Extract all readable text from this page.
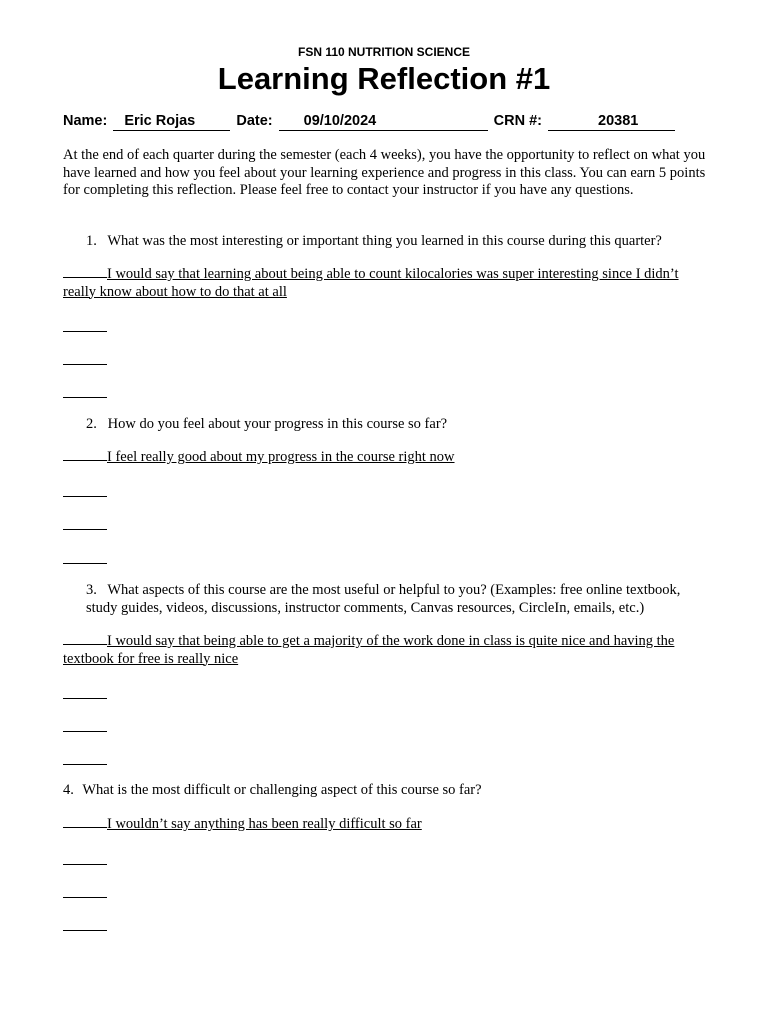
FSN 110 NUTRITION SCIENCE
Learning Reflection #1
Name: Eric Rojas	Date: 09/10/2024	CRN #:	20381
At the end of each quarter during the semester (each 4 weeks), you have the opportunity to reflect on what you have learned and how you feel about your learning experience and progress in this class. You can earn 5 points for completing this reflection. Please feel free to contact your instructor if you have any questions.
1. What was the most interesting or important thing you learned in this course during this quarter?
I would say that learning about being able to count kilocalories was super interesting since I didn’t really know about how to do that at all
2. How do you feel about your progress in this course so far?
I feel really good about my progress in the course right now
3. What aspects of this course are the most useful or helpful to you? (Examples: free online textbook, study guides, videos, discussions, instructor comments, Canvas resources, CircleIn, emails, etc.)
I would say that being able to get a majority of the work done in class is quite nice and having the textbook for free is really nice
4. What is the most difficult or challenging aspect of this course so far?
I wouldn’t say anything has been really difficult so far
